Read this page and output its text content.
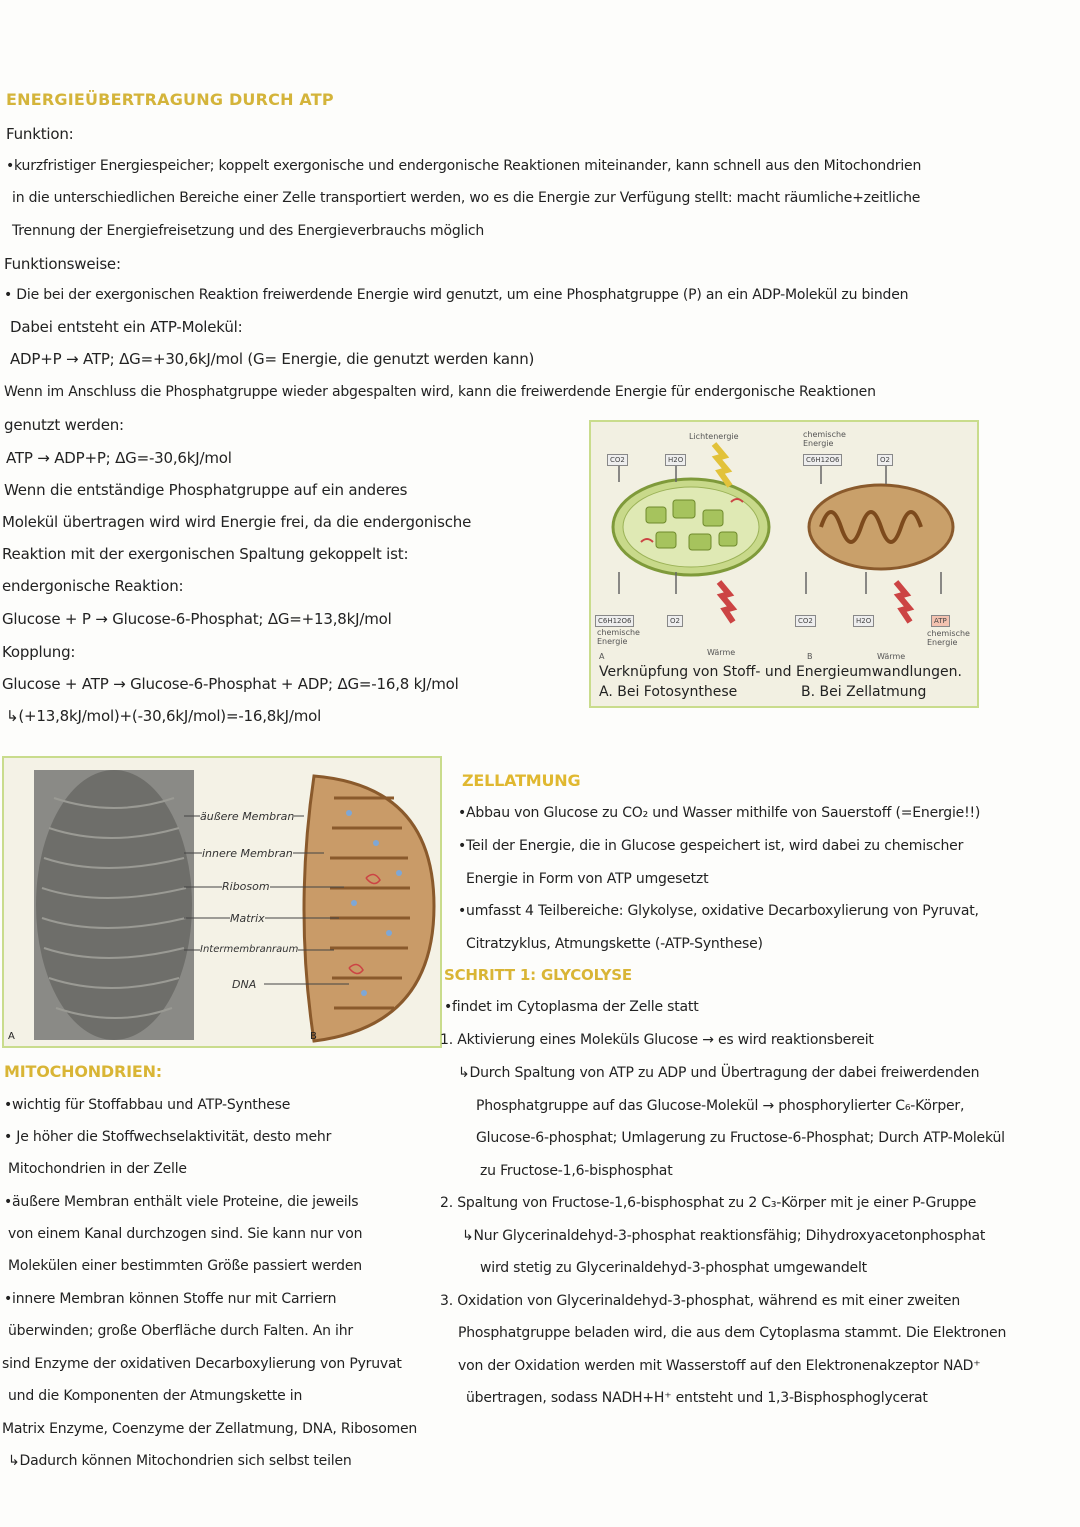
ENERGIEÜBERTRAGUNG DURCH ATP
Funktion:
•kurzfristiger Energiespeicher; koppelt exergonische und endergonische Reaktionen miteinander, kann schnell aus den Mitochondrien
in die unterschiedlichen Bereiche einer Zelle transportiert werden, wo es die Energie zur Verfügung stellt: macht räumliche+zeitliche
Trennung der Energiefreisetzung und des Energieverbrauchs möglich
Funktionsweise:
• Die bei der exergonischen Reaktion freiwerdende Energie wird genutzt, um eine Phosphatgruppe (P) an ein ADP-Molekül zu binden
Dabei entsteht ein ATP-Molekül:
ADP+P → ATP; ΔG=+30,6kJ/mol (G= Energie, die genutzt werden kann)
Wenn im Anschluss die Phosphatgruppe wieder abgespalten wird, kann die freiwerdende Energie für endergonische Reaktionen
genutzt werden:
ATP → ADP+P; ΔG=-30,6kJ/mol
Wenn die entständige Phosphatgruppe auf ein anderes
Molekül übertragen wird wird Energie frei, da die endergonische
Reaktion mit der exergonischen Spaltung gekoppelt ist:
endergonische Reaktion:
Glucose + P → Glucose-6-Phosphat; ΔG=+13,8kJ/mol
Kopplung:
Glucose + ATP → Glucose-6-Phosphat + ADP; ΔG=-16,8 kJ/mol
↳(+13,8kJ/mol)+(-30,6kJ/mol)=-16,8kJ/mol
CO2	H2O
Lichtenergie	chemische Energie
C6H12O6	O2
C6H12O6
chemische Energie
O2
Wärme
A
CO2	H2O	ATP
chemische Energie
Wärme
B
Verknüpfung von Stoff- und Energieumwandlungen.
A. Bei Fotosynthese	B. Bei Zellatmung
äußere Membran
innere Membran
Ribosom
Matrix
Intermembranraum
DNA
A	B
MITOCHONDRIEN:
•wichtig für Stoffabbau und ATP-Synthese
• Je höher die Stoffwechselaktivität, desto mehr
Mitochondrien in der Zelle
•äußere Membran enthält viele Proteine, die jeweils
von einem Kanal durchzogen sind. Sie kann nur von
Molekülen einer bestimmten Größe passiert werden
•innere Membran können Stoffe nur mit Carriern
überwinden; große Oberfläche durch Falten. An ihr
sind Enzyme der oxidativen Decarboxylierung von Pyruvat
und die Komponenten der Atmungskette in
Matrix Enzyme, Coenzyme der Zellatmung, DNA, Ribosomen
↳Dadurch können Mitochondrien sich selbst teilen
ZELLATMUNG
•Abbau von Glucose zu CO₂ und Wasser mithilfe von Sauerstoff (=Energie!!)
•Teil der Energie, die in Glucose gespeichert ist, wird dabei zu chemischer
Energie in Form von ATP umgesetzt
•umfasst 4 Teilbereiche: Glykolyse, oxidative Decarboxylierung von Pyruvat,
Citratzyklus, Atmungskette (-ATP-Synthese)
SCHRITT 1: GLYCOLYSE
•findet im Cytoplasma der Zelle statt
1. Aktivierung eines Moleküls Glucose → es wird reaktionsbereit
↳Durch Spaltung von ATP zu ADP und Übertragung der dabei freiwerdenden
Phosphatgruppe auf das Glucose-Molekül → phosphorylierter C₆-Körper,
Glucose-6-phosphat; Umlagerung zu Fructose-6-Phosphat; Durch ATP-Molekül
zu Fructose-1,6-bisphosphat
2. Spaltung von Fructose-1,6-bisphosphat zu 2 C₃-Körper mit je einer P-Gruppe
↳Nur Glycerinaldehyd-3-phosphat reaktionsfähig; Dihydroxyacetonphosphat
wird stetig zu Glycerinaldehyd-3-phosphat umgewandelt
3. Oxidation von Glycerinaldehyd-3-phosphat, während es mit einer zweiten
Phosphatgruppe beladen wird, die aus dem Cytoplasma stammt. Die Elektronen
von der Oxidation werden mit Wasserstoff auf den Elektronenakzeptor NAD⁺
übertragen, sodass NADH+H⁺ entsteht und 1,3-Bisphosphoglycerat
